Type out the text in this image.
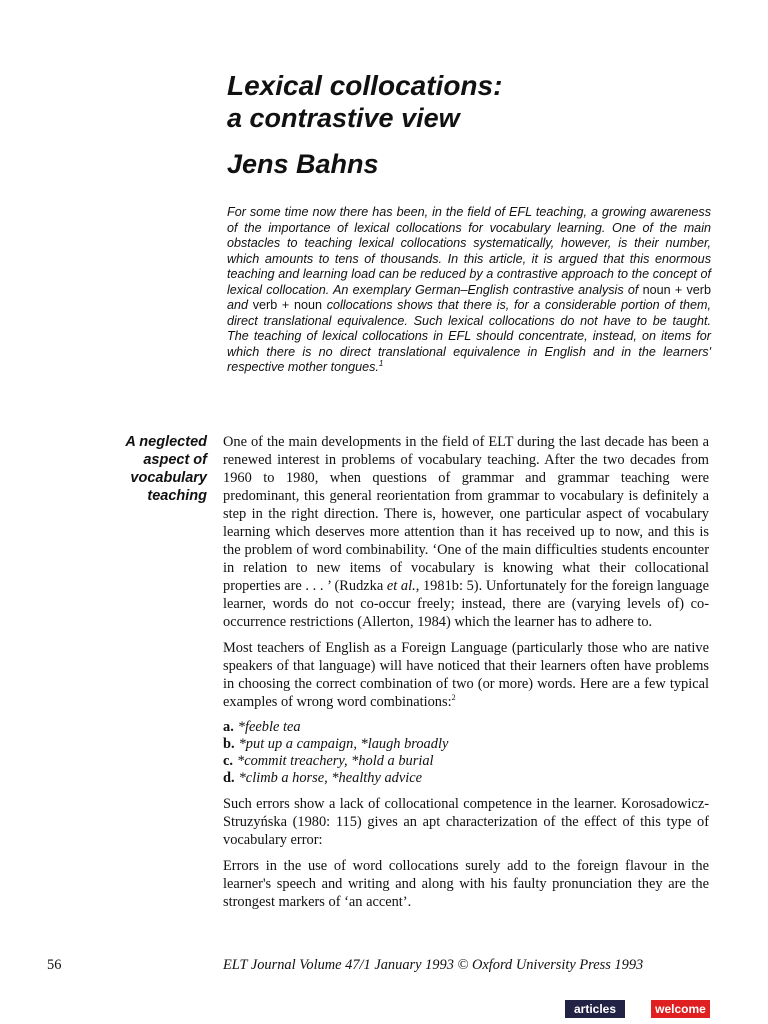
Lexical collocations:
a contrastive view
Jens Bahns

For some time now there has been, in the field of EFL teaching, a growing awareness of the importance of lexical collocations for vocabulary learning. One of the main obstacles to teaching lexical collocations systematically, however, is their number, which amounts to tens of thousands. In this article, it is argued that this enormous teaching and learning load can be reduced by a contrastive approach to the concept of lexical collocation. An exemplary German–English contrastive analysis of noun + verb and verb + noun collocations shows that there is, for a considerable portion of them, direct translational equivalence. Such lexical collocations do not have to be taught. The teaching of lexical collocations in EFL should concentrate, instead, on items for which there is no direct translational equivalence in English and in the learners' respective mother tongues.$^1$

A neglected
aspect of
vocabulary
teaching

One of the main developments in the field of ELT during the last decade has been a renewed interest in problems of vocabulary teaching. After the two decades from 1960 to 1980, when questions of grammar and grammar teaching were predominant, this general reorientation from grammar to vocabulary is definitely a step in the right direction. There is, however, one particular aspect of vocabulary learning which deserves more attention than it has received up to now, and this is the problem of word combinability. ‘One of the main difficulties students encounter in relation to new items of vocabulary is knowing what their collocational properties are . . . ’ (Rudzka et al., 1981b: 5). Unfortunately for the foreign language learner, words do not co-occur freely; instead, there are (varying levels of) co-occurrence restrictions (Allerton, 1984) which the learner has to adhere to.

Most teachers of English as a Foreign Language (particularly those who are native speakers of that language) will have noticed that their learners often have problems in choosing the correct combination of two (or more) words. Here are a few typical examples of wrong word combinations:$^2$

a. *feeble tea
b. *put up a campaign, *laugh broadly
c. *commit treachery, *hold a burial
d. *climb a horse, *healthy advice

Such errors show a lack of collocational competence in the learner. Korosadowicz-Struzyńska (1980: 115) gives an apt characterization of the effect of this type of vocabulary error:

Errors in the use of word collocations surely add to the foreign flavour in the learner's speech and writing and along with his faulty pronunciation they are the strongest markers of ‘an accent’.

56	ELT Journal Volume 47/1 January 1993 © Oxford University Press 1993
articles	welcome
